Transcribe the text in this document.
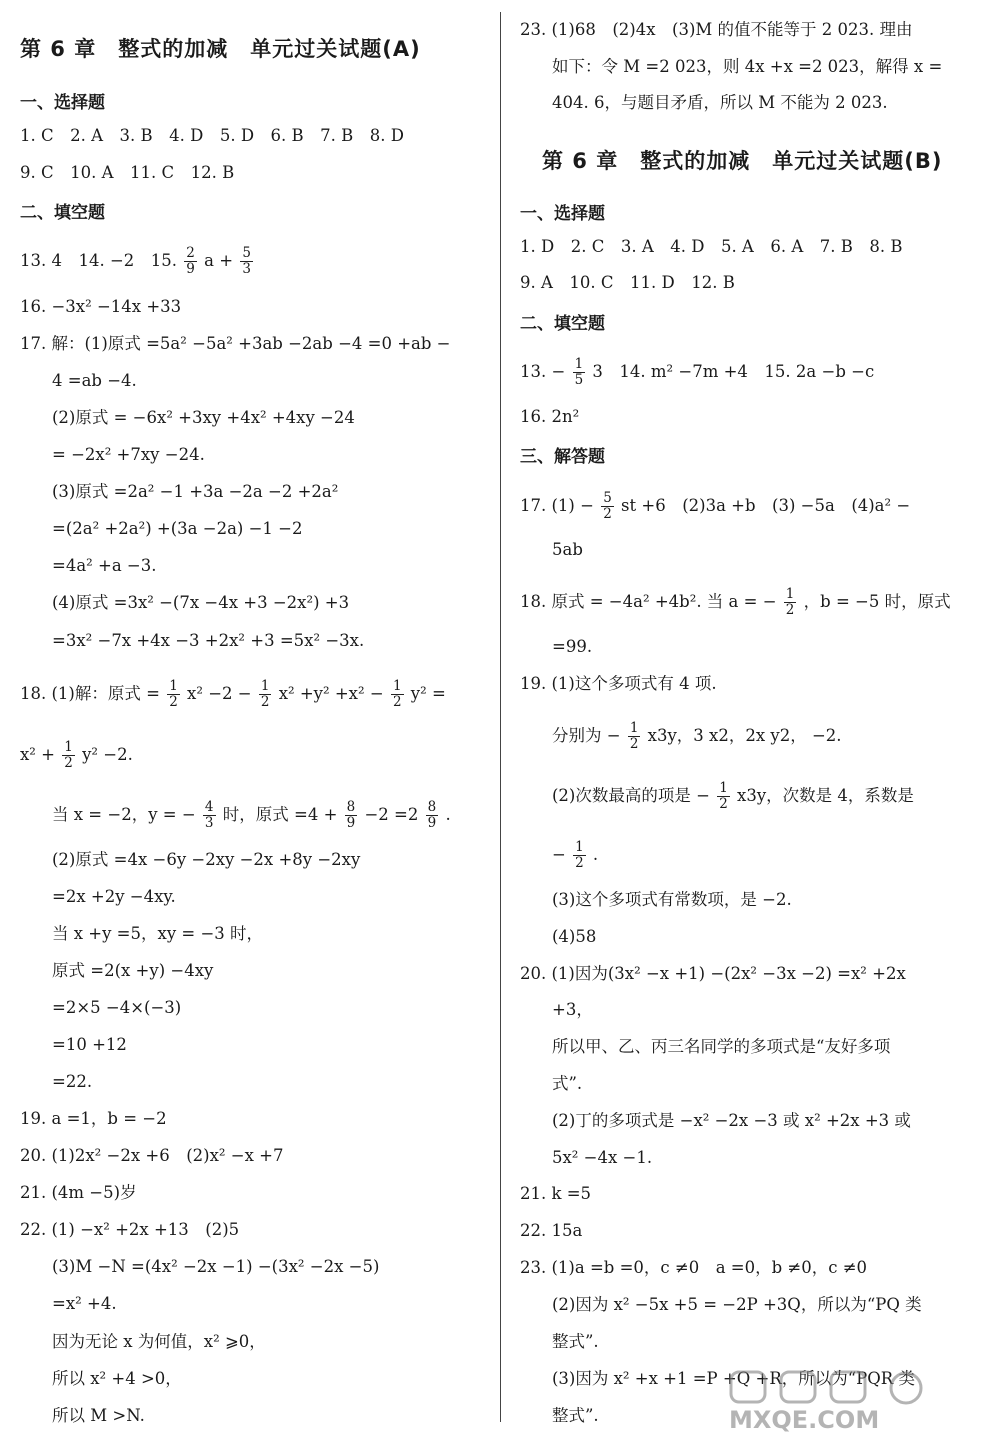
第 6 章　整式的加减　单元过关试题(A)
一、选择题
1. C　2. A　3. B　4. D　5. D　6. B　7. B　8. D
9. C　10. A　11. C　12. B
二、填空题
13. 4　14. −2　15. $\frac{2}{9}$ $a + \frac{5}{3}$
16. −3x² −14x +33
17. 解：(1)原式 =5a² −5a² +3ab −2ab −4 =0 +ab −
4 =ab −4.
(2)原式 = −6x² +3xy +4x² +4xy −24
= −2x² +7xy −24.
(3)原式 =2a² −1 +3a −2a −2 +2a²
=(2a² +2a²) +(3a −2a) −1 −2
=4a² +a −3.
(4)原式 =3x² −(7x −4x +3 −2x²) +3
=3x² −7x +4x −3 +2x² +3 =5x² −3x.
18. (1)解：原式 = $\frac{1}{2} x^2 -2 - \frac{1}{2} x^2 +y^2 +x^2 - \frac{1}{2} y^2$ =
$x^2 + \frac{1}{2} y^2 -2$.
当 x = −2，y = − $\frac{4}{3}$ 时，原式 $=4 + \frac{8}{9} -2 =2 \frac{8}{9}$ .
(2)原式 =4x −6y −2xy −2x +8y −2xy
=2x +2y −4xy.
当 x +y =5，xy = −3 时，
原式 =2(x +y) −4xy
=2×5 −4×(−3)
=10 +12
=22.
19. a =1，b = −2
20. (1)2x² −2x +6　(2)x² −x +7
21. (4m −5)岁
22. (1) −x² +2x +13　(2)5
(3)M −N =(4x² −2x −1) −(3x² −2x −5)
=x² +4.
因为无论 x 为何值，x² ⩾0，
所以 x² +4 >0，
所以 M >N.
23. (1)68　(2)4x　(3)M 的值不能等于 2 023. 理由
如下：令 M =2 023，则 4x +x =2 023，解得 x =
404. 6，与题目矛盾，所以 M 不能为 2 023.
第 6 章　整式的加减　单元过关试题(B)
一、选择题
1. D　2. C　3. A　4. D　5. A　6. A　7. B　8. B
9. A　10. C　11. D　12. B
二、填空题
13. − $\frac{1}{5} 3$　14. m² −7m +4　15. 2a −b −c
16. 2n²
三、解答题
17. $(1) - \frac{5}{2}$ st +6　(2)3a +b　(3) −5a　(4)a² −
5ab
18. 原式 = −4a² +4b². 当 a = − $\frac{1}{2}$ ，b = −5 时，原式
=99.
19. (1)这个多项式有 4 项.
分别为 − $\frac{1}{2} x3y$，3 x2，2x y2， −2.
(2)次数最高的项是 − $\frac{1}{2} x3y$，次数是 4，系数是
− $\frac{1}{2}$ .
(3)这个多项式有常数项，是 −2.
(4)58
20. (1)因为(3x² −x +1) −(2x² −3x −2) =x² +2x
+3，
所以甲、乙、丙三名同学的多项式是“友好多项
式”.
(2)丁的多项式是 −x² −2x −3 或 x² +2x +3 或
5x² −4x −1.
21. k =5
22. 15a
23. (1)a =b =0，c ≠0　a =0，b ≠0，c ≠0
(2)因为 x² −5x +5 = −2P +3Q，所以为“PQ 类
整式”.
(3)因为 x² +x +1 =P +Q +R，所以为“PQR 类
整式”.	MXQE.COM
